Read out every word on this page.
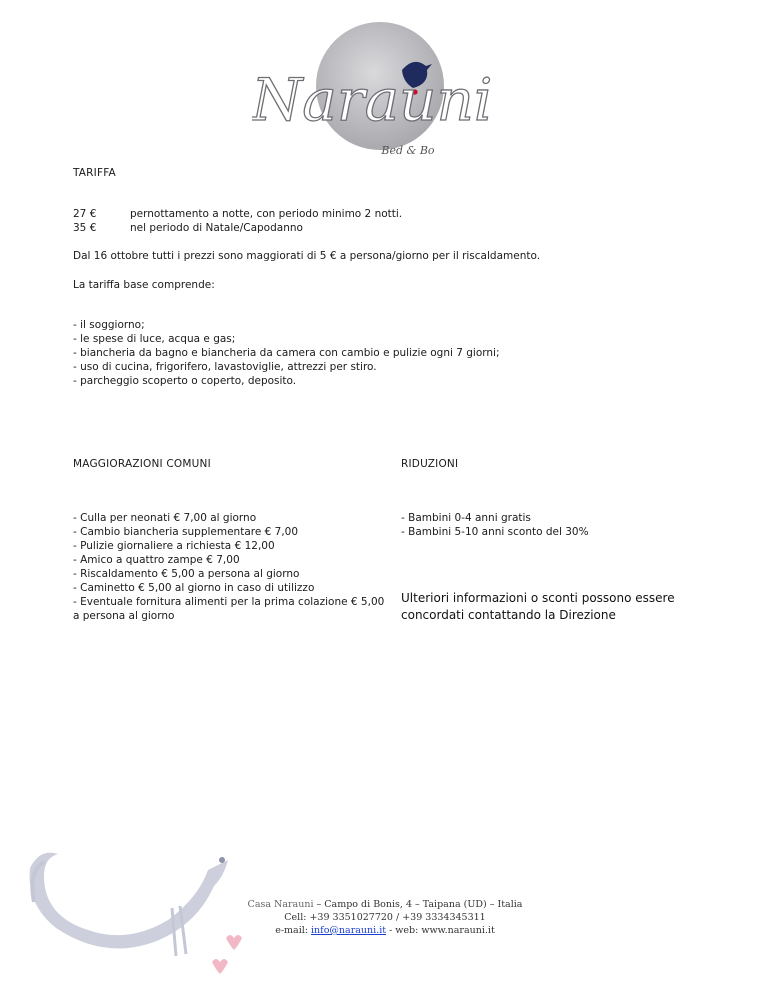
Narauni
Bed & Bo
TARIFFA
27 €	pernottamento a notte, con periodo minimo 2 notti.
35 €	nel periodo di Natale/Capodanno
Dal 16 ottobre tutti i prezzi sono maggiorati di 5 € a persona/giorno per il riscaldamento.
La tariffa base comprende:
- il soggiorno;
- le spese di luce, acqua e gas;
- biancheria da bagno e biancheria da camera con cambio e pulizie ogni 7 giorni;
- uso di cucina, frigorifero, lavastoviglie, attrezzi per stiro.
- parcheggio scoperto o coperto, deposito.
MAGGIORAZIONI COMUNI
- Culla per neonati € 7,00 al giorno
- Cambio biancheria supplementare € 7,00
- Pulizie giornaliere a richiesta € 12,00
- Amico a quattro zampe € 7,00
- Riscaldamento € 5,00 a persona al giorno
- Caminetto € 5,00 al giorno in caso di utilizzo
- Eventuale fornitura alimenti per la prima colazione € 5,00
a persona al giorno
RIDUZIONI
- Bambini 0-4 anni gratis
- Bambini 5-10 anni sconto del 30%
Ulteriori informazioni o sconti possono essere
concordati contattando la Direzione
Casa Narauni – Campo di Bonis, 4 – Taipana (UD) – Italia
Cell: +39 3351027720 / +39 3334345311
e-mail: info@narauni.it - web: www.narauni.it
